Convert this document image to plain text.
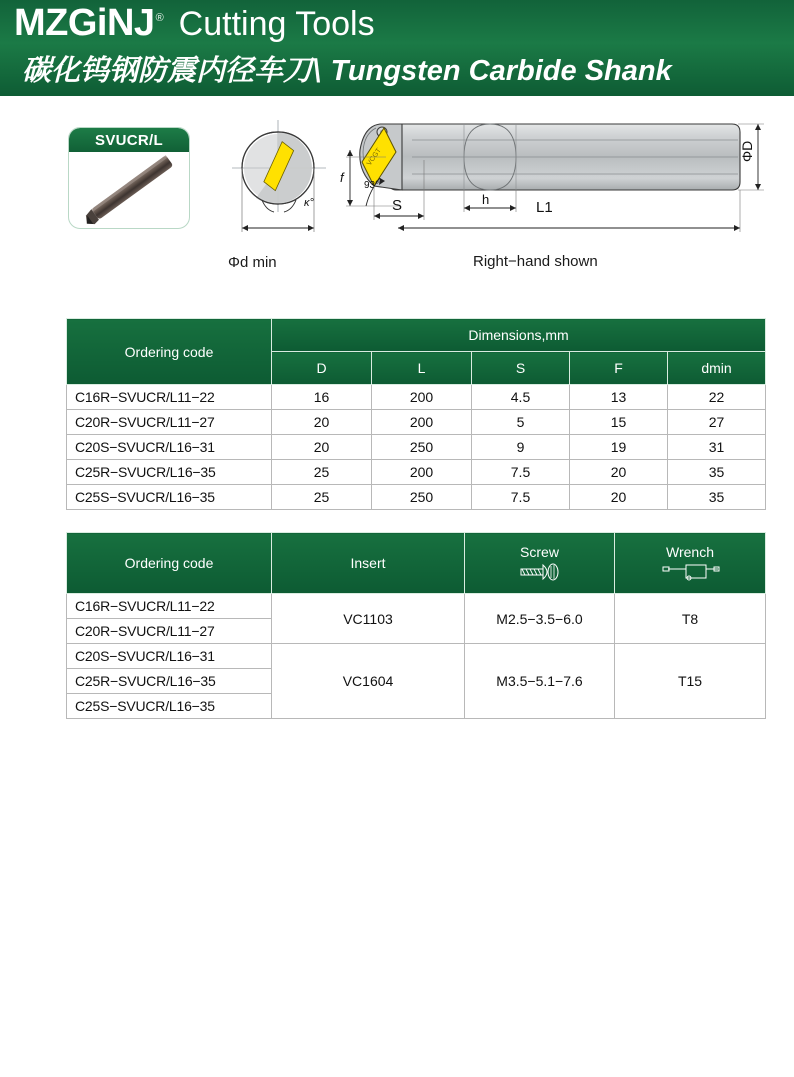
MZGiNJ ® Cutting Tools
碳化钨钢防震内径车刀\ Tungsten Carbide Shank
SVUCR/L
κ°
Φd min
VCGT
f
93°
S	h	L1
ΦD
Right−hand shown
Ordering code	Dimensions,mm				
	D	L	S	F	dmin
C16R−SVUCR/L11−22	16	200	4.5	13	22
C20R−SVUCR/L11−27	20	200	5	15	27
C20S−SVUCR/L16−31	20	250	9	19	31
C25R−SVUCR/L16−35	25	200	7.5	20	35
C25S−SVUCR/L16−35	25	250	7.5	20	35
Ordering code	Insert	Screw	Wrench

C16R−SVUCR/L11−22	VC1103	M2.5−3.5−6.0	T8
C20R−SVUCR/L11−27			
C20S−SVUCR/L16−31	VC1604	M3.5−5.1−7.6	T15
C25R−SVUCR/L16−35			
C25S−SVUCR/L16−35			
